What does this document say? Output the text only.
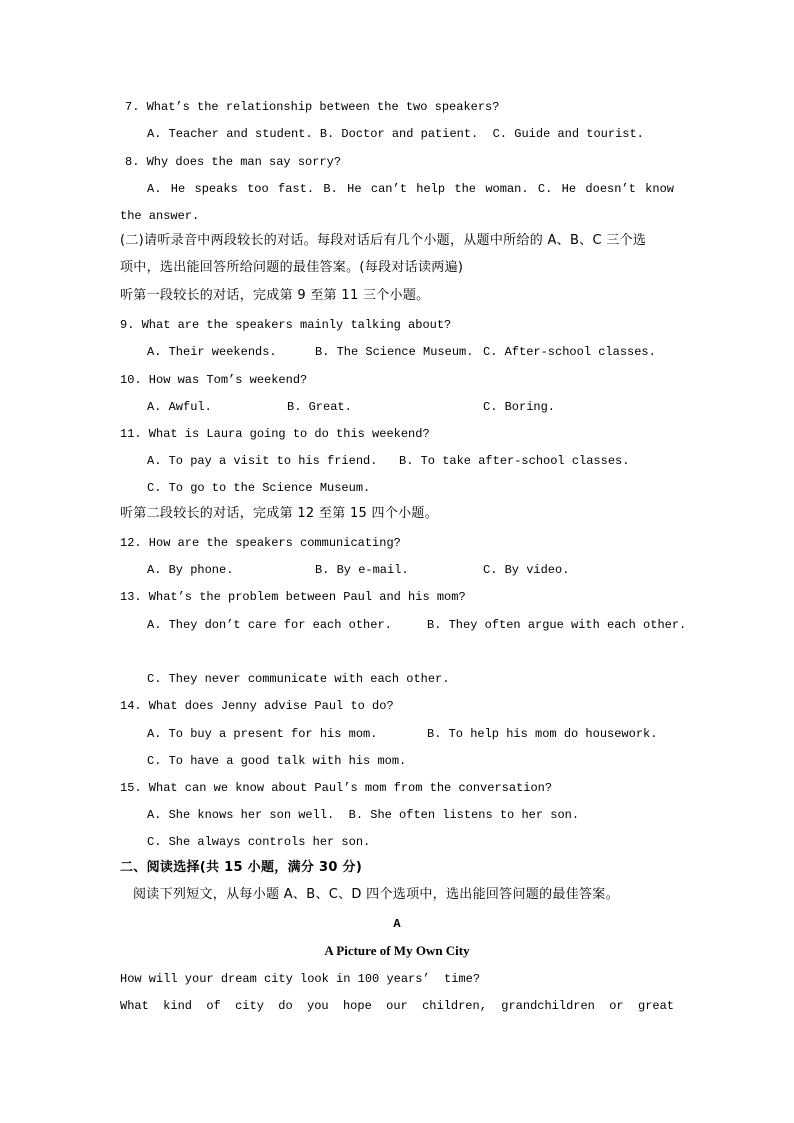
7. What’s the relationship between the two speakers?
A. Teacher and student. B. Doctor and patient.  C. Guide and tourist.
8. Why does the man say sorry?
A. He speaks too fast. B. He can’t help the woman. C. He doesn’t know
the answer.
(二)请听录音中两段较长的对话。每段对话后有几个小题，从题中所给的 A、B、C 三个选
项中，选出能回答所给问题的最佳答案。(每段对话读两遍)
听第一段较长的对话，完成第 9 至第 11 三个小题。
9. What are the speakers mainly talking about?
A. Their weekends.	B. The Science Museum. C. After-school classes.
10. How was Tom’s weekend?
A. Awful.	B. Great.	C. Boring.
11. What is Laura going to do this weekend?
A. To pay a visit to his friend. B. To take after-school classes.
C. To go to the Science Museum.
听第二段较长的对话，完成第 12 至第 15 四个小题。
12. How are the speakers communicating?
A. By phone.	B. By e-mail.	C. By video.
13. What’s the problem between Paul and his mom?
A. They don’t care for each other.	B. They often argue with each other.
C. They never communicate with each other.
14. What does Jenny advise Paul to do?
A. To buy a present for his mom.	B. To help his mom do housework.
C. To have a good talk with his mom.
15. What can we know about Paul’s mom from the conversation?
A. She knows her son well.  B. She often listens to her son.
C. She always controls her son.
二、阅读选择(共 15 小题，满分 30 分)
阅读下列短文，从每小题 A、B、C、D 四个选项中，选出能回答问题的最佳答案。
A
A Picture of My Own City
How will your dream city look in 100 years’  time?
What kind of city do you hope our children, grandchildren or great
